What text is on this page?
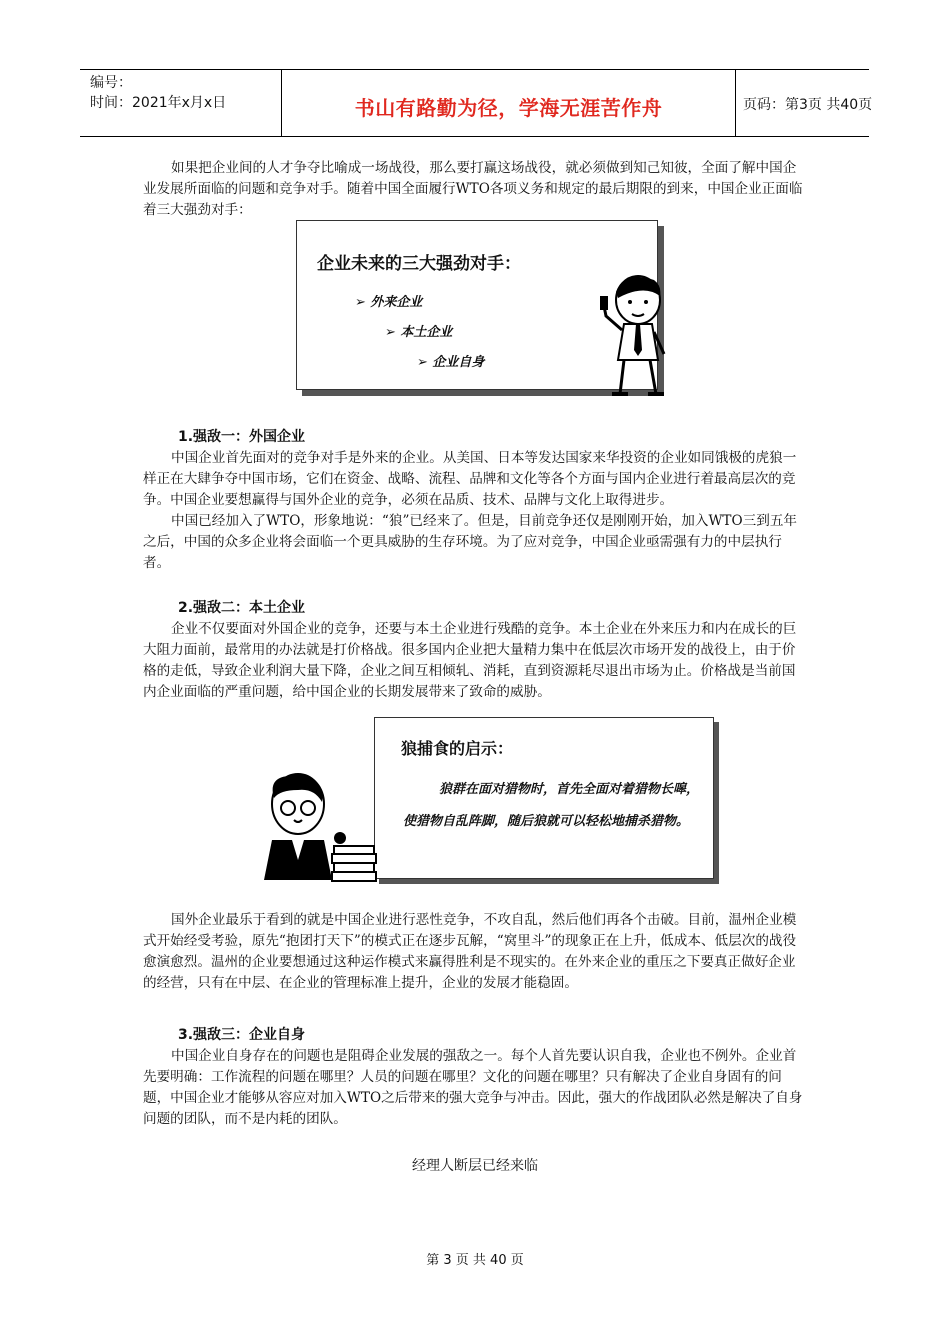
编号：
时间：2021年x月x日	书山有路勤为径，学海无涯苦作舟	页码：第3页 共40页

如果把企业间的人才争夺比喻成一场战役，那么要打赢这场战役，就必须做到知己知彼，全面了解中国企业发展所面临的问题和竞争对手。随着中国全面履行WTO各项义务和规定的最后期限的到来，中国企业正面临着三大强劲对手：

企业未来的三大强劲对手：
➢ 外来企业
➢ 本土企业
➢ 企业自身
1.强敌一：外国企业

中国企业首先面对的竞争对手是外来的企业。从美国、日本等发达国家来华投资的企业如同饿极的虎狼一样正在大肆争夺中国市场，它们在资金、战略、流程、品牌和文化等各个方面与国内企业进行着最高层次的竞争。中国企业要想赢得与国外企业的竞争，必须在品质、技术、品牌与文化上取得进步。

中国已经加入了WTO，形象地说：“狼”已经来了。但是，目前竞争还仅是刚刚开始，加入WTO三到五年之后，中国的众多企业将会面临一个更具威胁的生存环境。为了应对竞争，中国企业亟需强有力的中层执行者。

2.强敌二：本土企业

企业不仅要面对外国企业的竞争，还要与本土企业进行残酷的竞争。本土企业在外来压力和内在成长的巨大阻力面前，最常用的办法就是打价格战。很多国内企业把大量精力集中在低层次市场开发的战役上，由于价格的走低，导致企业利润大量下降，企业之间互相倾轧、消耗，直到资源耗尽退出市场为止。价格战是当前国内企业面临的严重问题，给中国企业的长期发展带来了致命的威胁。

狼捕食的启示：
狼群在面对猎物时，首先全面对着猎物长嗥，使猎物自乱阵脚，随后狼就可以轻松地捕杀猎物。

国外企业最乐于看到的就是中国企业进行恶性竞争，不攻自乱，然后他们再各个击破。目前，温州企业模式开始经受考验，原先“抱团打天下”的模式正在逐步瓦解，“窝里斗”的现象正在上升，低成本、低层次的战役愈演愈烈。温州的企业要想通过这种运作模式来赢得胜利是不现实的。在外来企业的重压之下要真正做好企业的经营，只有在中层、在企业的管理标准上提升，企业的发展才能稳固。

3.强敌三：企业自身

中国企业自身存在的问题也是阻碍企业发展的强敌之一。每个人首先要认识自我，企业也不例外。企业首先要明确：工作流程的问题在哪里？人员的问题在哪里？文化的问题在哪里？只有解决了企业自身固有的问题，中国企业才能够从容应对加入WTO之后带来的强大竞争与冲击。因此，强大的作战团队必然是解决了自身问题的团队，而不是内耗的团队。

经理人断层已经来临
第 3 页 共 40 页
